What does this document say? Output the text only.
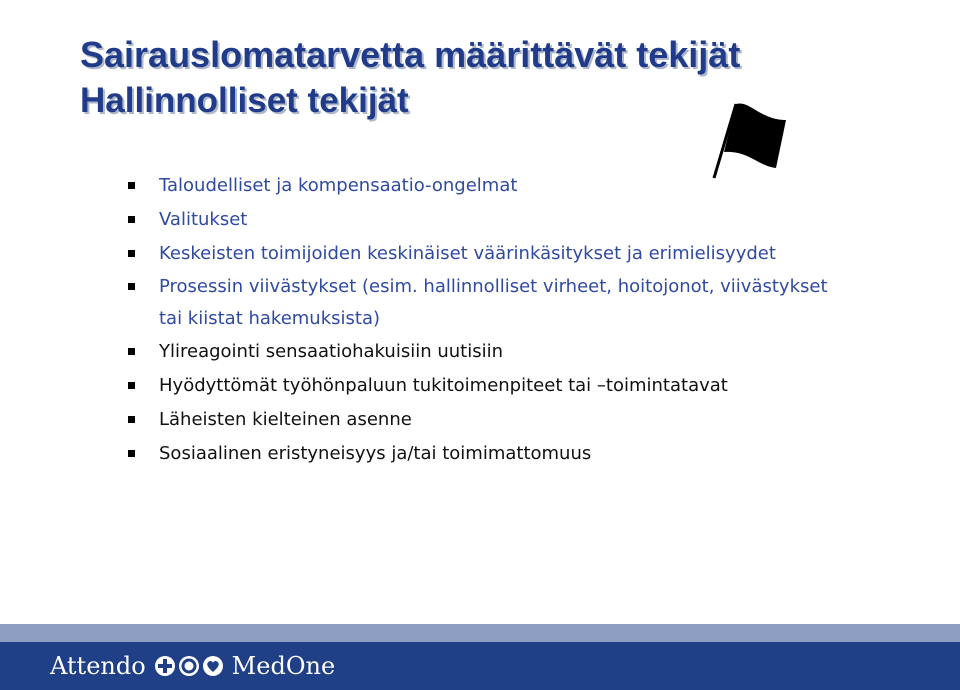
Sairauslomatarvetta määrittävät tekijät
Hallinnolliset tekijät
Taloudelliset ja kompensaatio-ongelmat
Valitukset
Keskeisten toimijoiden keskinäiset väärinkäsitykset ja erimielisyydet
Prosessin viivästykset (esim. hallinnolliset virheet, hoitojonot, viivästykset tai kiistat hakemuksista)
Ylireagointi sensaatiohakuisiin uutisiin
Hyödyttömät työhönpaluun tukitoimenpiteet tai –toimintatavat
Läheisten kielteinen asenne
Sosiaalinen eristyneisyys ja/tai toimimattomuus
Attendo	MedOne
